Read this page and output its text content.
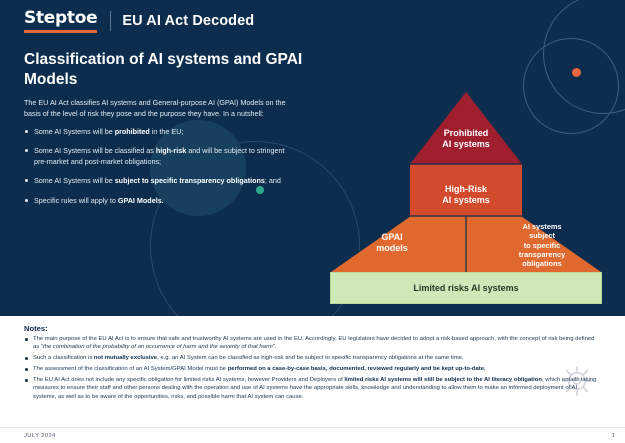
Steptoe EU AI Act Decoded
Classification of AI systems and GPAI Models
The EU AI Act classifies AI systems and General-purpose AI (GPAI) Models on the basis of the level of risk they pose and the purpose they have. In a nutshell:
Some AI Systems will be prohibited in the EU;
Some AI Systems will be classified as high-risk and will be subject to stringent pre-market and post-market obligations;
Some AI Systems will be subject to specific transparency obligations; and
Specific rules will apply to GPAI Models.
Prohibited
AI systems
High-Risk
AI systems
GPAI
models
AI systems
subject
to specific
transparency
obligations
Limited risks AI systems
Notes:
The main purpose of the EU AI Act is to ensure that safe and trustworthy AI systems are used in the EU. Accordingly, EU legislators have decided to adopt a risk-based approach, with the concept of risk being defined as "the combination of the probability of an occurrence of harm and the severity of that harm".
Such a classification is not mutually exclusive, e.g. an AI System can be classified as high-risk and be subject to specific transparency obligations at the same time.
The assessment of the classification of an AI System/GPAI Model must be performed on a case-by-case basis, documented, reviewed regularly and be kept up-to-date.
The EU AI Act does not include any specific obligation for limited risks AI systems; however Providers and Deployers of limited risks AI systems will still be subject to the AI literacy obligation, which entails taking measures to ensure their staff and other persons dealing with the operation and use of AI systems have the appropriate skills, knowledge and understanding to allow them to make an informed deployment of AI systems, as well as to be aware of the opportunities, risks, and possible harm that AI system can cause.
JULY 2024	1
